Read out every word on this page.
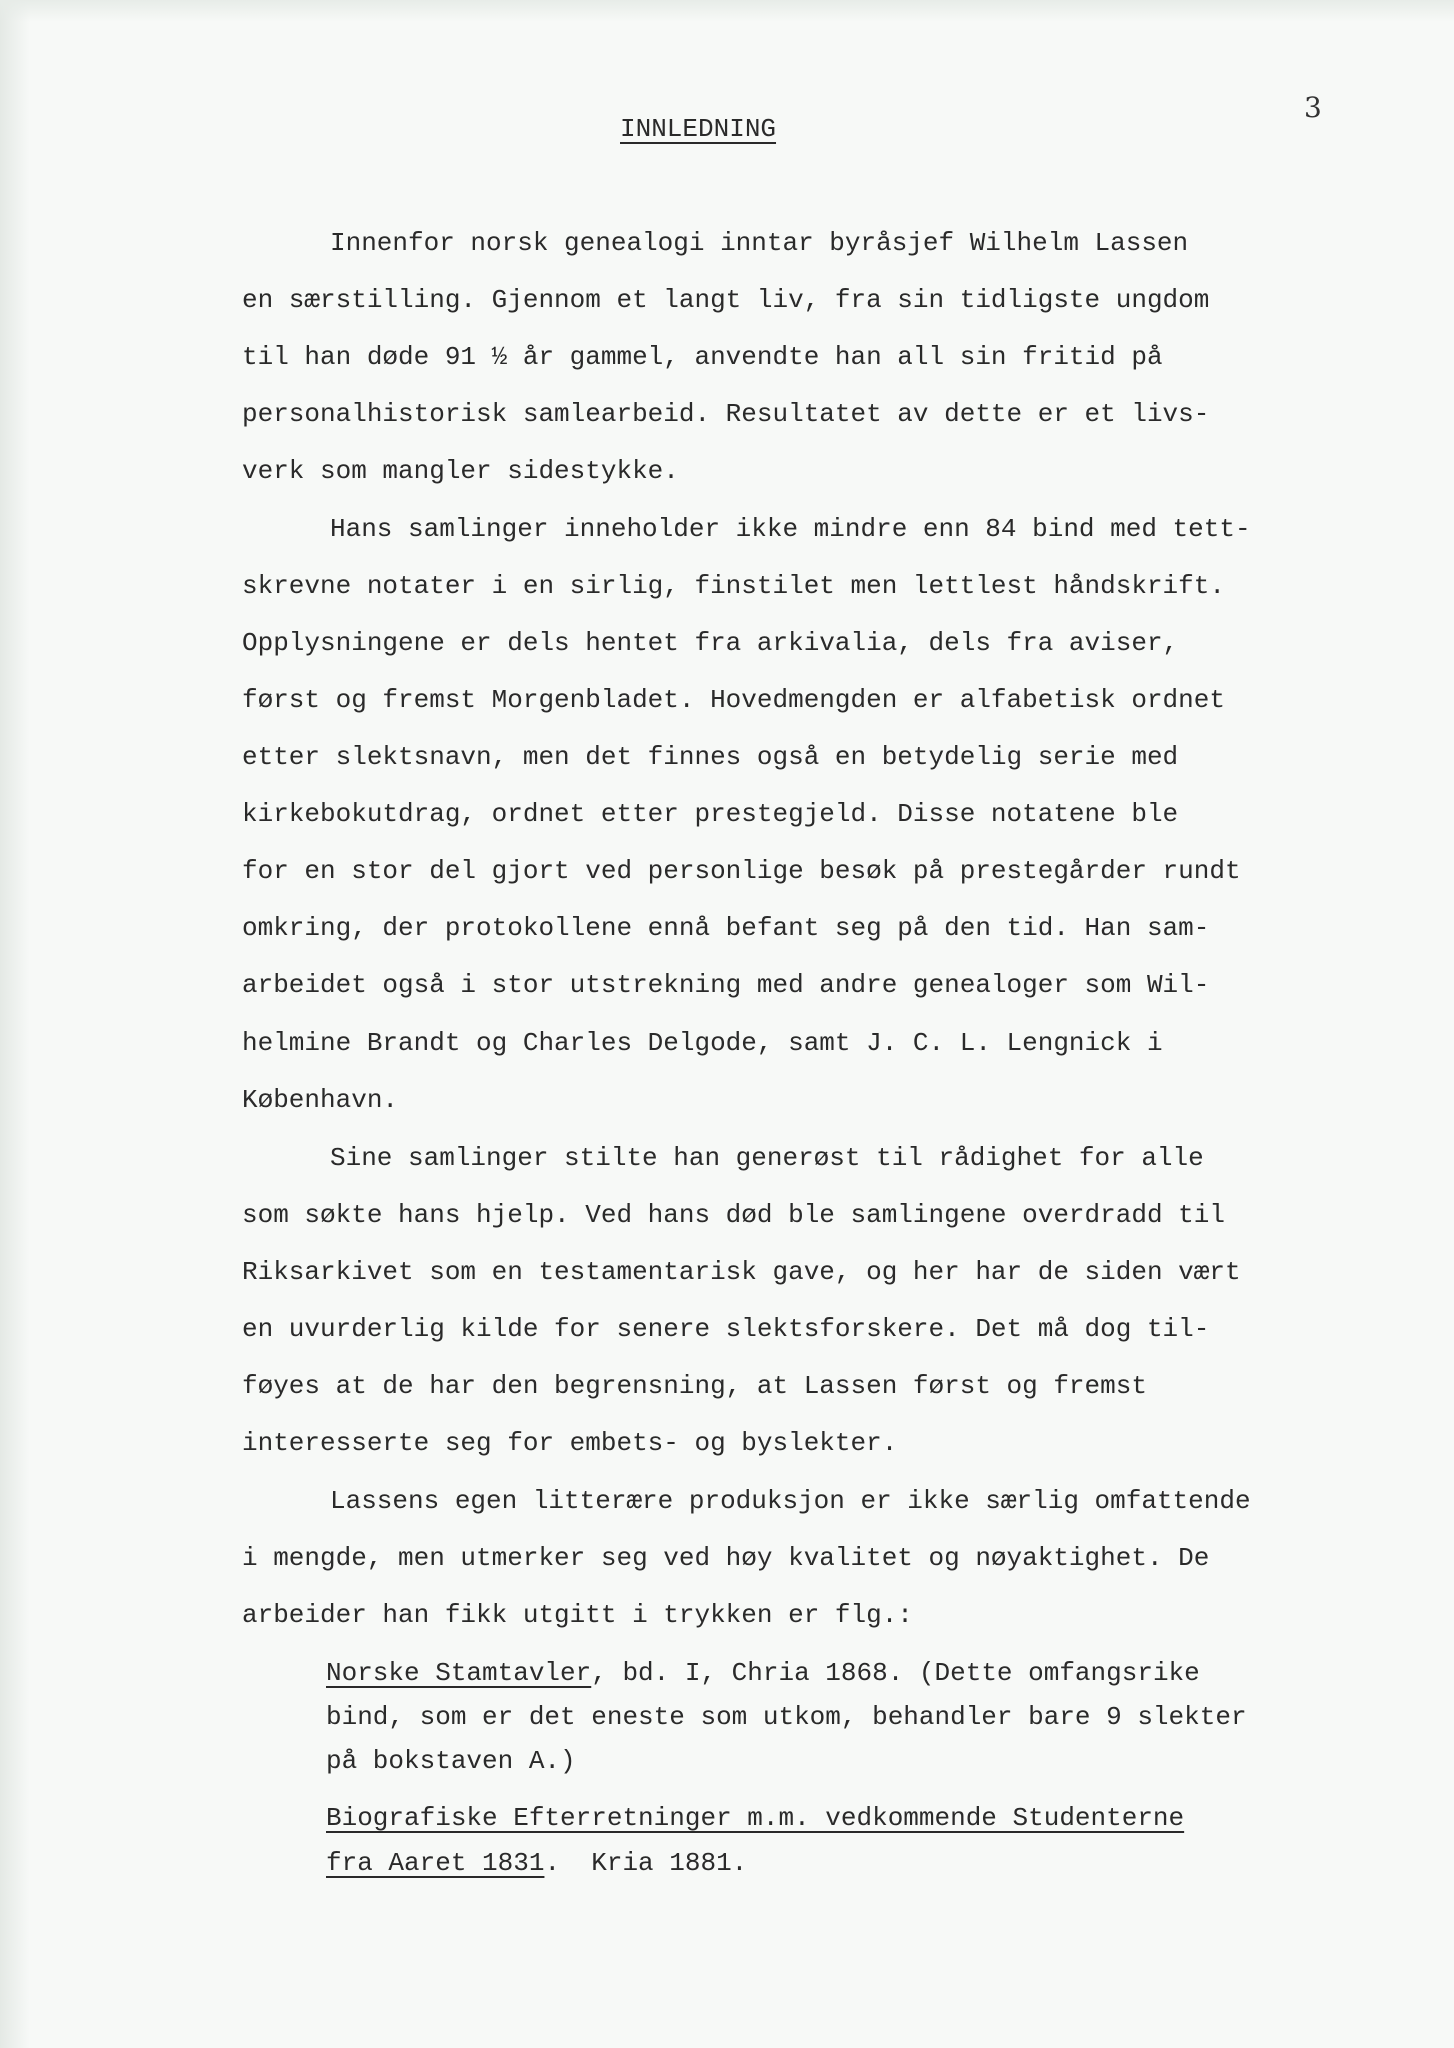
3
INNLEDNING
Innenfor norsk genealogi inntar byråsjef Wilhelm Lassen
en særstilling. Gjennom et langt liv, fra sin tidligste ungdom
til han døde 91 ½ år gammel, anvendte han all sin fritid på
personalhistorisk samlearbeid. Resultatet av dette er et livs-
verk som mangler sidestykke.
Hans samlinger inneholder ikke mindre enn 84 bind med tett-
skrevne notater i en sirlig, finstilet men lettlest håndskrift.
Opplysningene er dels hentet fra arkivalia, dels fra aviser,
først og fremst Morgenbladet. Hovedmengden er alfabetisk ordnet
etter slektsnavn, men det finnes også en betydelig serie med
kirkebokutdrag, ordnet etter prestegjeld. Disse notatene ble
for en stor del gjort ved personlige besøk på prestegårder rundt
omkring, der protokollene ennå befant seg på den tid. Han sam-
arbeidet også i stor utstrekning med andre genealoger som Wil-
helmine Brandt og Charles Delgode, samt J. C. L. Lengnick i
København.
Sine samlinger stilte han generøst til rådighet for alle
som søkte hans hjelp. Ved hans død ble samlingene overdradd til
Riksarkivet som en testamentarisk gave, og her har de siden vært
en uvurderlig kilde for senere slektsforskere. Det må dog til-
føyes at de har den begrensning, at Lassen først og fremst
interesserte seg for embets- og byslekter.
Lassens egen litterære produksjon er ikke særlig omfattende
i mengde, men utmerker seg ved høy kvalitet og nøyaktighet. De
arbeider han fikk utgitt i trykken er flg.:
Norske Stamtavler, bd. I, Chria 1868. (Dette omfangsrike
bind, som er det eneste som utkom, behandler bare 9 slekter
på bokstaven A.)
Biografiske Efterretninger m.m. vedkommende Studenterne
fra Aaret 1831.  Kria 1881.
